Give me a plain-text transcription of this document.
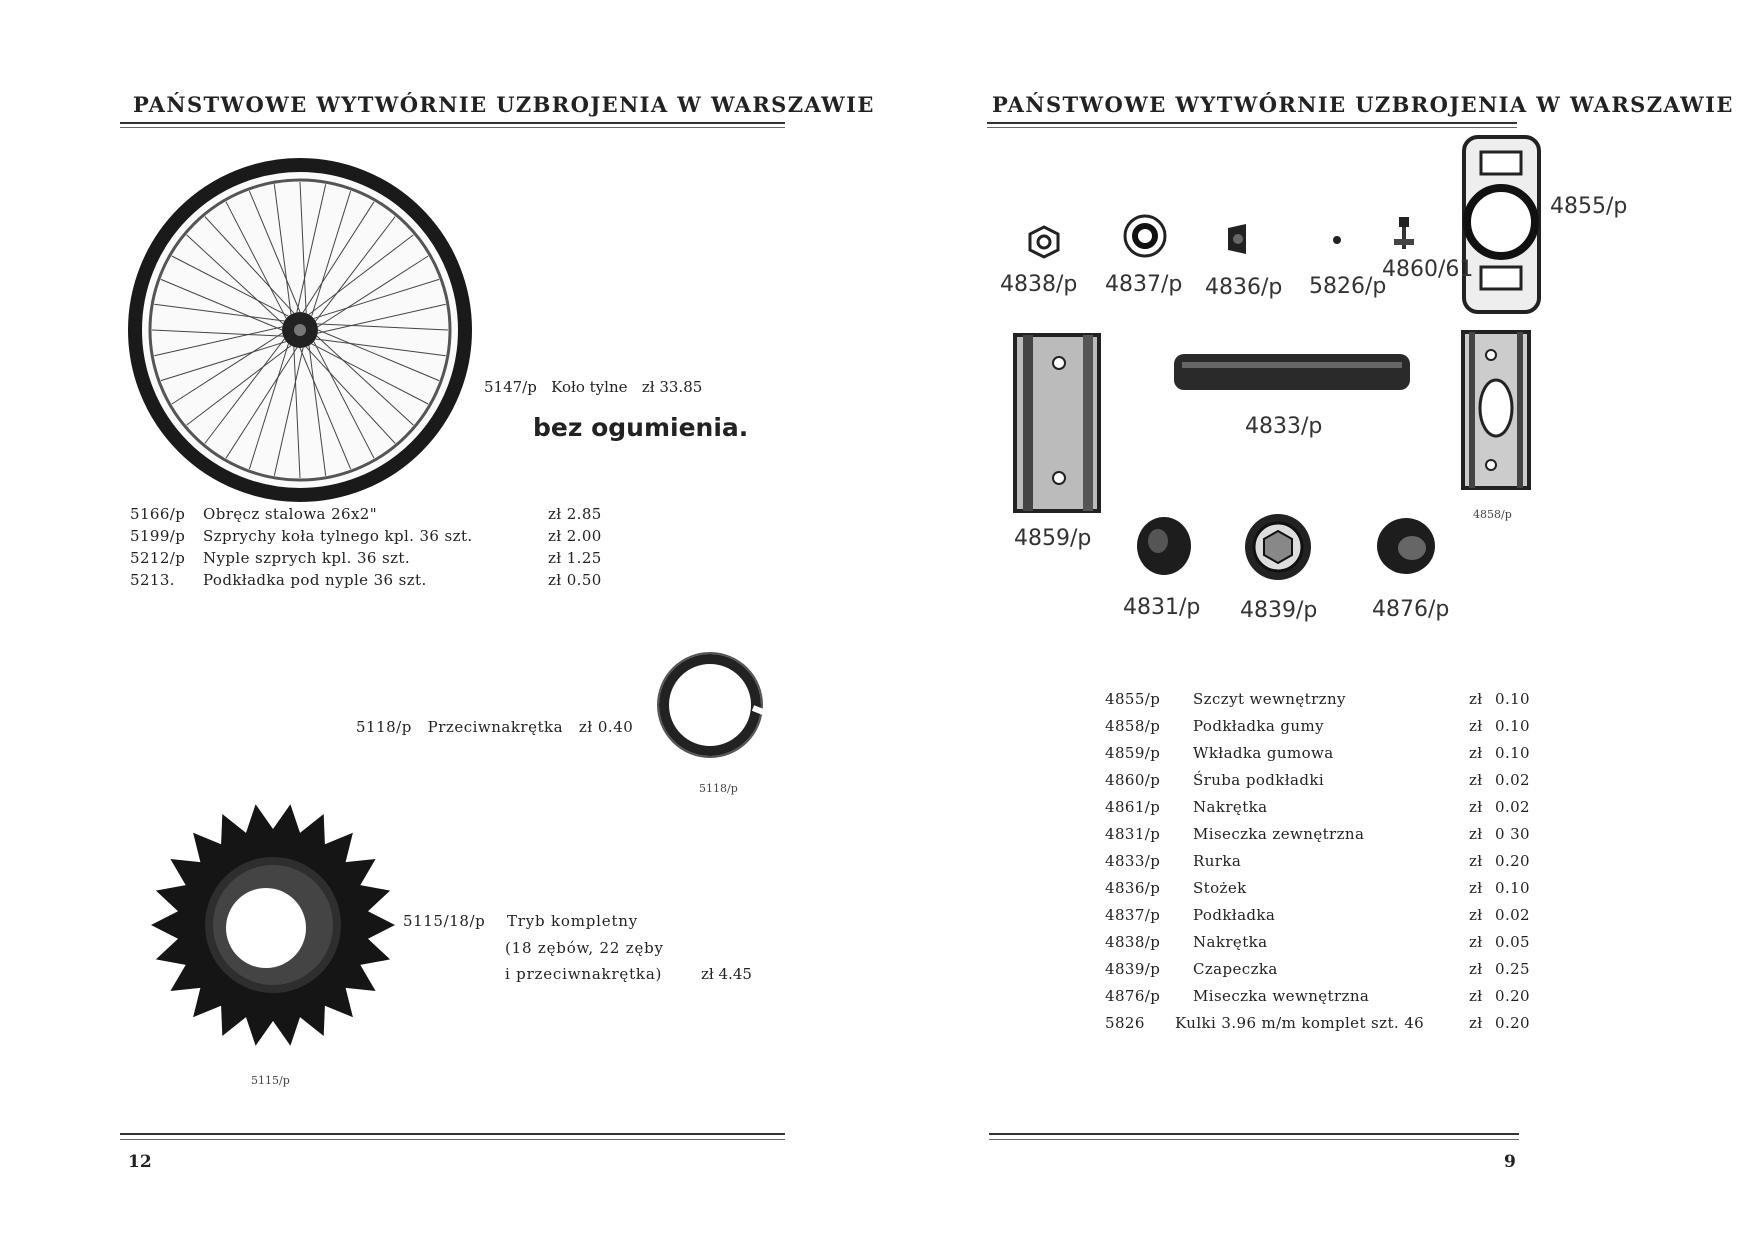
PAŃSTWOWE WYTWÓRNIE UZBROJENIA W WARSZAWIE
5147/p Koło tylne zł 33.85
bez ogumienia.
5166/p Obręcz stalowa 26x2"	zł 2.85
5199/p Szprychy koła tylnego kpl. 36 szt.	zł 2.00
5212/p Nyple szprych kpl. 36 szt.	zł 1.25
5213. Podkładka pod nyple 36 szt.	zł 0.50
5118/p Przeciwnakrętka zł 0.40
5118/p
5115/18/p Tryb kompletny
(18 zębów, 22 zęby
i przeciwnakrętka)	zł 4.45
5115/p
12
PAŃSTWOWE WYTWÓRNIE UZBROJENIA W WARSZAWIE
4855/p
4838/p 4837/p 4836/p 5826/p
4860/61
4859/p
4833/p
4858/p
4831/p 4839/p 4876/p
4855/p Szczyt wewnętrzny	zł 0.10
4858/p Podkładka gumy	zł 0.10
4859/p Wkładka gumowa	zł 0.10
4860/p Śruba podkładki	zł 0.02
4861/p Nakrętka	zł 0.02
4831/p Miseczka zewnętrzna	zł 0 30
4833/p Rurka	zł 0.20
4836/p Stożek	zł 0.10
4837/p Podkładka	zł 0.02
4838/p Nakrętka	zł 0.05
4839/p Czapeczka	zł 0.25
4876/p Miseczka wewnętrzna	zł 0.20
5826 Kulki 3.96 m/m komplet szt. 46	zł 0.20
9
